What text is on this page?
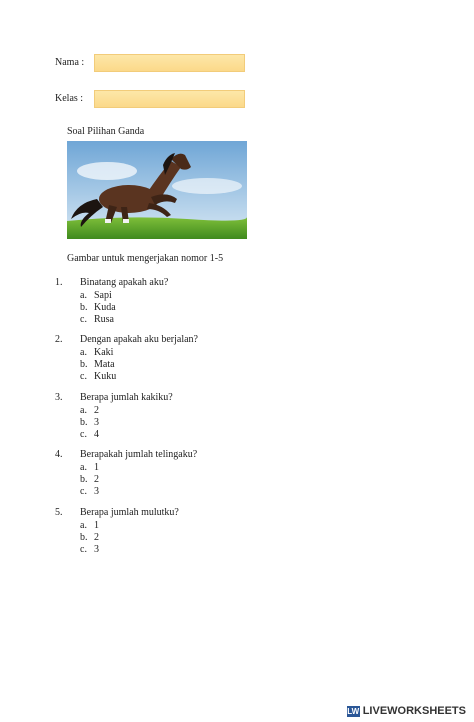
Nama :
Kelas :
Soal Pilihan Ganda
Gambar untuk mengerjakan nomor 1-5
1. Binatang apakah aku?
a. Sapi
b. Kuda
c. Rusa
2. Dengan apakah aku berjalan?
a. Kaki
b. Mata
c. Kuku
3. Berapa jumlah kakiku?
a. 2
b. 3
c. 4
4. Berapakah jumlah telingaku?
a. 1
b. 2
c. 3
5. Berapa jumlah mulutku?
a. 1
b. 2
c. 3
LW LIVEWORKSHEETS
